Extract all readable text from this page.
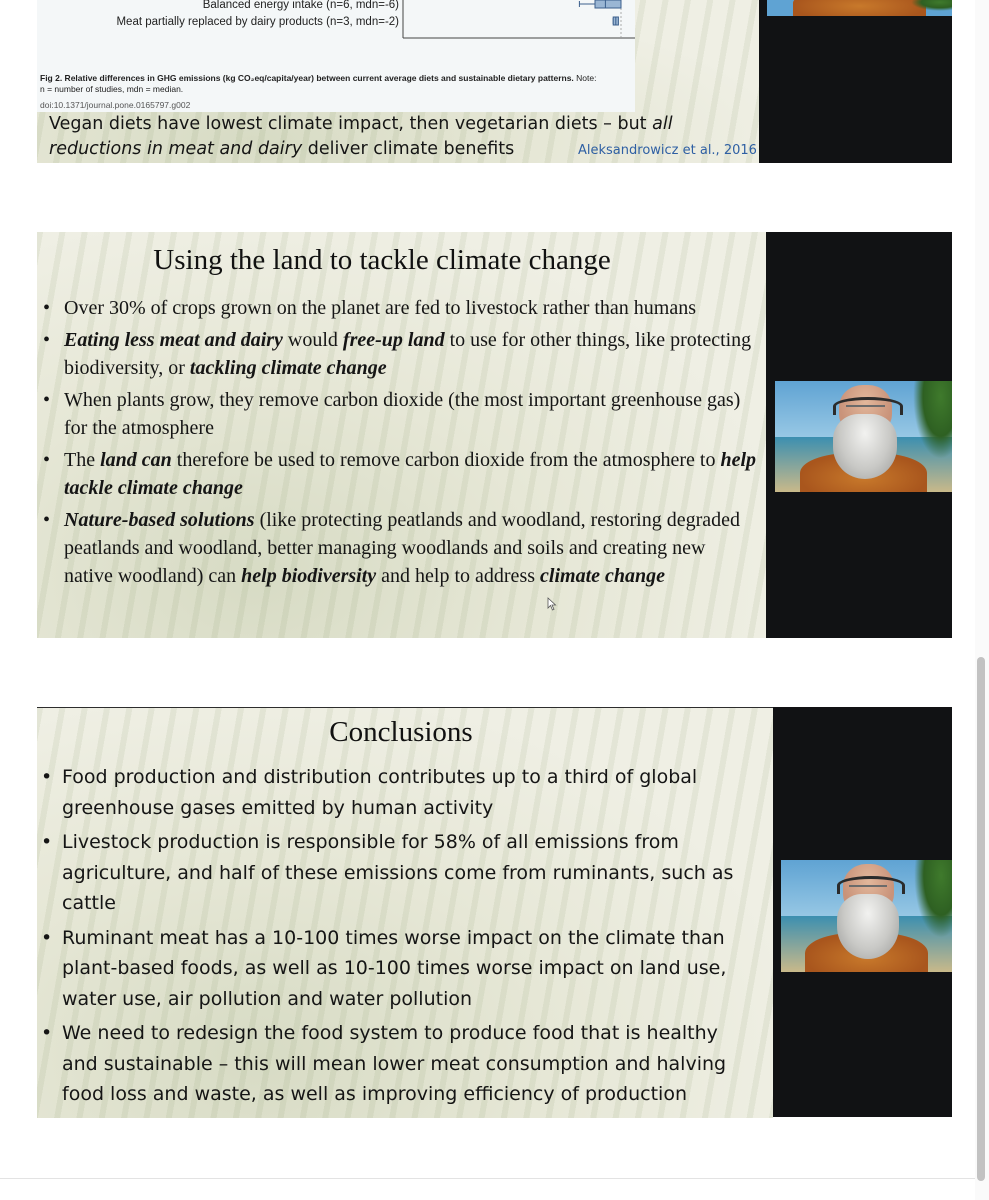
Balanced energy intake (n=6, mdn=-6)
Meat partially replaced by dairy products (n=3, mdn=-2)
Fig 2. Relative differences in GHG emissions (kg CO₂eq/capita/year) between current average diets and sustainable dietary patterns. Note:
n = number of studies, mdn = median.
doi:10.1371/journal.pone.0165797.g002
Vegan diets have lowest climate impact, then vegetarian diets – but all reductions in meat and dairy deliver climate benefits	Aleksandrowicz et al., 2016
Using the land to tackle climate change
• Over 30% of crops grown on the planet are fed to livestock rather than humans
• Eating less meat and dairy would free-up land to use for other things, like protecting biodiversity, or tackling climate change
• When plants grow, they remove carbon dioxide (the most important greenhouse gas) for the atmosphere
• The land can therefore be used to remove carbon dioxide from the atmosphere to help tackle climate change
• Nature-based solutions (like protecting peatlands and woodland, restoring degraded peatlands and woodland, better managing woodlands and soils and creating new native woodland) can help biodiversity and help to address climate change
Conclusions
• Food production and distribution contributes up to a third of global greenhouse gases emitted by human activity
• Livestock production is responsible for 58% of all emissions from agriculture, and half of these emissions come from ruminants, such as cattle
• Ruminant meat has a 10-100 times worse impact on the climate than plant-based foods, as well as 10-100 times worse impact on land use, water use, air pollution and water pollution
• We need to redesign the food system to produce food that is healthy and sustainable – this will mean lower meat consumption and halving food loss and waste, as well as improving efficiency of production
